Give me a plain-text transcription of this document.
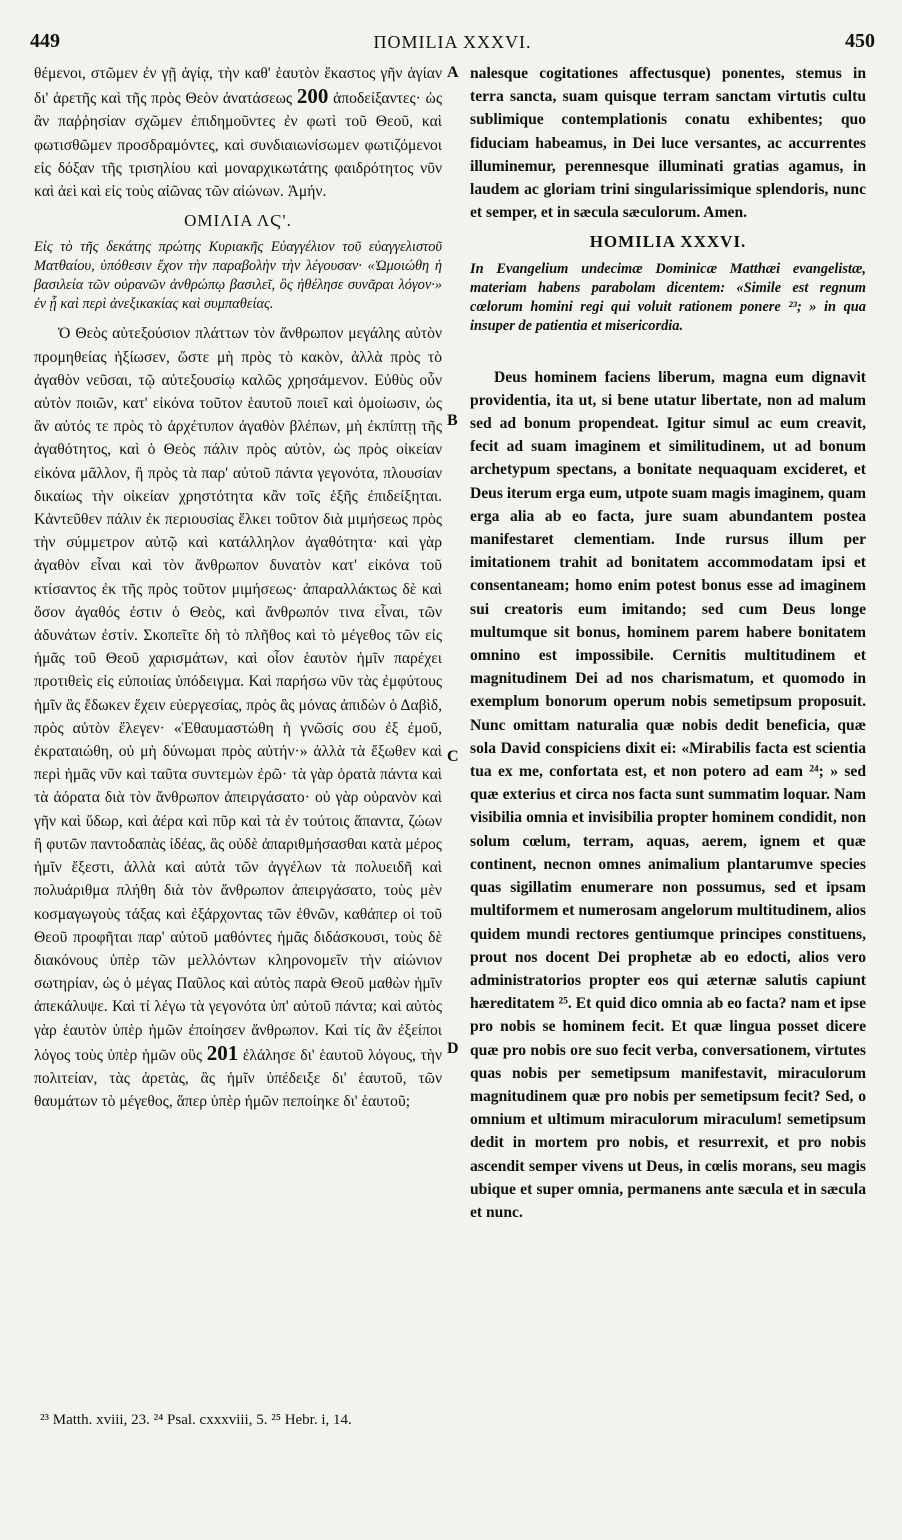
449	ΠΟΜΙLIA XXXVI.	450

θέμενοι, στῶμεν ἐν γῇ ἁγίᾳ, τὴν καθ' ἑαυτὸν ἕκαστος γῆν ἁγίαν δι' ἀρετῆς καὶ τῆς πρὸς Θεὸν ἀνατάσεως 200 ἀποδείξαντες· ὡς ἂν παῤῥησίαν σχῶμεν ἐπιδημοῦντες ἐν φωτὶ τοῦ Θεοῦ, καὶ φωτισθῶμεν προσδραμόντες, καὶ συνδιαιωνίσωμεν φωτιζόμενοι εἰς δόξαν τῆς τρισηλίου καὶ μοναρχικωτάτης φαιδρότητος νῦν καὶ ἀεὶ καὶ εἰς τοὺς αἰῶνας τῶν αἰώνων. Ἀμήν.

ΟΜΙΛΙΑ ΛϚ'.

Εἰς τὸ τῆς δεκάτης πρώτης Κυριακῆς Εὐαγγέλιον τοῦ εὐαγγελιστοῦ Ματθαίου, ὑπόθεσιν ἔχον τὴν παραβολὴν τὴν λέγουσαν· «Ὡμοιώθη ἡ βασιλεία τῶν οὐρανῶν ἀνθρώπῳ βασιλεῖ, ὃς ἠθέλησε συνᾶραι λόγον·» ἐν ᾗ καὶ περὶ ἀνεξικακίας καὶ συμπαθείας.

Ὁ Θεὸς αὐτεξούσιον πλάττων τὸν ἄνθρωπον μεγάλης αὐτὸν προμηθείας ἠξίωσεν, ὥστε μὴ πρὸς τὸ κακὸν, ἀλλὰ πρὸς τὸ ἀγαθὸν νεῦσαι, τῷ αὐτεξουσίῳ καλῶς χρησάμενον. Εὐθὺς οὖν αὐτὸν ποιῶν, κατ' εἰκόνα τοῦτον ἑαυτοῦ ποιεῖ καὶ ὁμοίωσιν, ὡς ἂν αὐτός τε πρὸς τὸ ἀρχέτυπον ἀγαθὸν βλέπων, μὴ ἐκπίπτῃ τῆς ἀγαθότητος, καὶ ὁ Θεὸς πάλιν πρὸς αὐτὸν, ὡς πρὸς οἰκείαν εἰκόνα μᾶλλον, ἢ πρὸς τὰ παρ' αὐτοῦ πάντα γεγονότα, πλουσίαν δικαίως τὴν οἰκείαν χρηστότητα κἂν τοῖς ἑξῆς ἐπιδείξηται. Κἀντεῦθεν πάλιν ἐκ περιουσίας ἕλκει τοῦτον διὰ μιμήσεως πρὸς τὴν σύμμετρον αὐτῷ καὶ κατάλληλον ἀγαθότητα· καὶ γὰρ ἀγαθὸν εἶναι καὶ τὸν ἄνθρωπον δυνατὸν κατ' εἰκόνα τοῦ κτίσαντος ἐκ τῆς πρὸς τοῦτον μιμήσεως· ἀπαραλλάκτως δὲ καὶ ὅσον ἀγαθός ἐστιν ὁ Θεὸς, καὶ ἄνθρωπόν τινα εἶναι, τῶν ἀδυνάτων ἐστίν. Σκοπεῖτε δὴ τὸ πλῆθος καὶ τὸ μέγεθος τῶν εἰς ἡμᾶς τοῦ Θεοῦ χαρισμάτων, καὶ οἷον ἑαυτὸν ἡμῖν παρέχει προτιθεὶς εἰς εὐποιίας ὑπόδειγμα. Καὶ παρήσω νῦν τὰς ἐμφύτους ἡμῖν ἃς ἔδωκεν ἔχειν εὐεργεσίας, πρὸς ἃς μόνας ἀπιδὼν ὁ Δαβὶδ, πρὸς αὐτὸν ἔλεγεν· «Ἐθαυμαστώθη ἡ γνῶσίς σου ἐξ ἐμοῦ, ἐκραταιώθη, οὐ μὴ δύνωμαι πρὸς αὐτήν·» ἀλλὰ τὰ ἔξωθεν καὶ περὶ ἡμᾶς νῦν καὶ ταῦτα συντεμὼν ἐρῶ· τὰ γὰρ ὁρατὰ πάντα καὶ τὰ ἀόρατα διὰ τὸν ἄνθρωπον ἀπειργάσατο· οὐ γὰρ οὐρανὸν καὶ γῆν καὶ ὕδωρ, καὶ ἀέρα καὶ πῦρ καὶ τὰ ἐν τούτοις ἅπαντα, ζώων ἢ φυτῶν παντοδαπὰς ἰδέας, ἃς οὐδὲ ἀπαριθμήσασθαι κατὰ μέρος ἡμῖν ἔξεστι, ἀλλὰ καὶ αὐτὰ τῶν ἀγγέλων τὰ πολυειδῆ καὶ πολυάριθμα πλήθη διὰ τὸν ἄνθρωπον ἀπειργάσατο, τοὺς μὲν κοσμαγωγοὺς τάξας καὶ ἐξάρχοντας τῶν ἐθνῶν, καθάπερ οἱ τοῦ Θεοῦ προφῆται παρ' αὐτοῦ μαθόντες ἡμᾶς διδάσκουσι, τοὺς δὲ διακόνους ὑπὲρ τῶν μελλόντων κληρονομεῖν τὴν αἰώνιον σωτηρίαν, ὡς ὁ μέγας Παῦλος καὶ αὐτὸς παρὰ Θεοῦ μαθὼν ἡμῖν ἀπεκάλυψε. Καὶ τί λέγω τὰ γεγονότα ὑπ' αὐτοῦ πάντα; καὶ αὐτὸς γὰρ ἑαυτὸν ὑπὲρ ἡμῶν ἐποίησεν ἄνθρωπον. Καὶ τίς ἂν ἐξείποι λόγος τοὺς ὑπὲρ ἡμῶν οὓς 201 ἐλάλησε δι' ἑαυτοῦ λόγους, τὴν πολιτείαν, τὰς ἀρετὰς, ἃς ἡμῖν ὑπέδειξε δι' ἑαυτοῦ, τῶν θαυμάτων τὸ μέγεθος, ἅπερ ὑπὲρ ἡμῶν πεποίηκε δι' ἑαυτοῦ;

A
B
C
D

nalesque cogitationes affectusque) ponentes, stemus in terra sancta, suam quisque terram sanctam virtutis cultu sublimique contemplationis conatu exhibentes; quo fiduciam habeamus, in Dei luce versantes, ac accurrentes illuminemur, perennesque illuminati gratias agamus, in laudem ac gloriam trini singularissimique splendoris, nunc et semper, et in sæcula sæculorum. Amen.

HOMILIA XXXVI.

In Evangelium undecimæ Dominicæ Matthæi evangelistæ, materiam habens parabolam dicentem: «Simile est regnum cœlorum homini regi qui voluit rationem ponere ²³; » in qua insuper de patientia et misericordia.

Deus hominem faciens liberum, magna eum dignavit providentia, ita ut, si bene utatur libertate, non ad malum sed ad bonum propendeat. Igitur simul ac eum creavit, fecit ad suam imaginem et similitudinem, ut ad bonum archetypum spectans, a bonitate nequaquam excideret, et Deus iterum erga eum, utpote suam magis imaginem, quam erga alia ab eo facta, jure suam abundantem postea manifestaret clementiam. Inde rursus illum per imitationem trahit ad bonitatem accommodatam ipsi et consentaneam; homo enim potest bonus esse ad imaginem sui creatoris eum imitando; sed cum Deus longe multumque sit bonus, hominem parem habere bonitatem omnino est impossibile. Cernitis multitudinem et magnitudinem Dei ad nos charismatum, et quomodo in exemplum bonorum operum nobis semetipsum proposuit. Nunc omittam naturalia quæ nobis dedit beneficia, quæ sola David conspiciens dixit ei: «Mirabilis facta est scientia tua ex me, confortata est, et non potero ad eam ²⁴; » sed quæ exterius et circa nos facta sunt summatim loquar. Nam visibilia omnia et invisibilia propter hominem condidit, non solum cœlum, terram, aquas, aerem, ignem et quæ continent, necnon omnes animalium plantarumve species quas sigillatim enumerare non possumus, sed et ipsam multiformem et numerosam angelorum multitudinem, alios quidem mundi rectores gentiumque principes constituens, prout nos docent Dei prophetæ ab eo edocti, alios vero administratorios propter eos qui æternæ salutis capiunt hæreditatem ²⁵. Et quid dico omnia ab eo facta? nam et ipse pro nobis se hominem fecit. Et quæ lingua posset dicere quæ pro nobis ore suo fecit verba, conversationem, virtutes quas nobis per semetipsum manifestavit, miraculorum magnitudinem quæ pro nobis per semetipsum fecit? Sed, o omnium et ultimum miraculorum miraculum! semetipsum dedit in mortem pro nobis, et resurrexit, et pro nobis ascendit semper vivens ut Deus, in cœlis morans, seu magis ubique et super omnia, permanens ante sæcula et in sæcula et nunc.

²³ Matth. xviii, 23. ²⁴ Psal. cxxxviii, 5. ²⁵ Hebr. i, 14.
